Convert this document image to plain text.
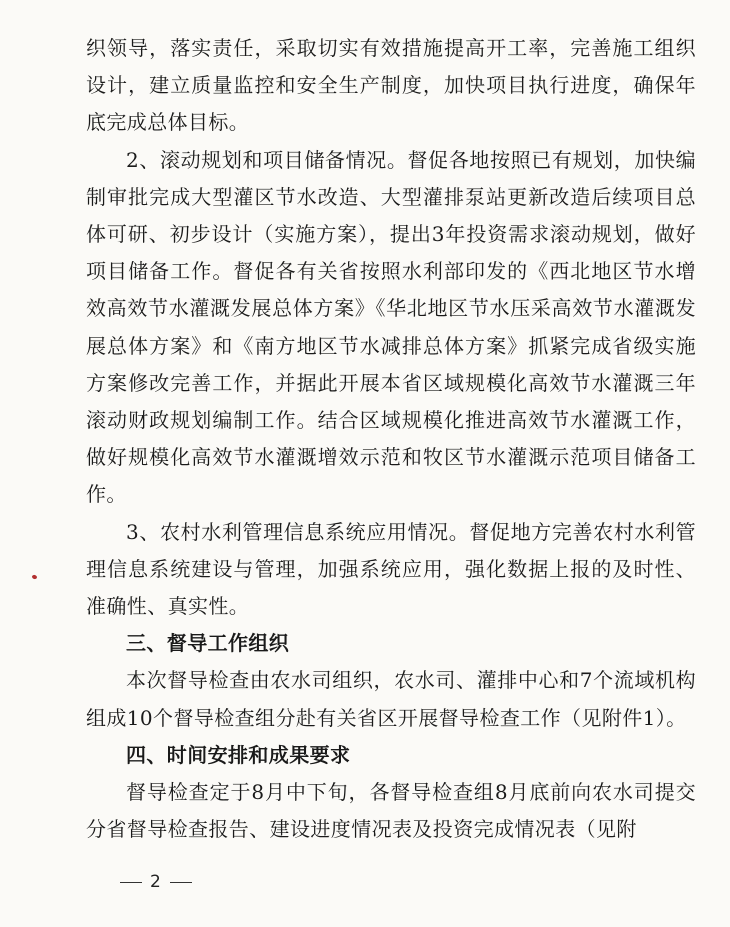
织领导，落实责任，采取切实有效措施提高开工率，完善施工组织设计，建立质量监控和安全生产制度，加快项目执行进度，确保年底完成总体目标。

2、滚动规划和项目储备情况。督促各地按照已有规划，加快编制审批完成大型灌区节水改造、大型灌排泵站更新改造后续项目总体可研、初步设计（实施方案），提出3年投资需求滚动规划，做好项目储备工作。督促各有关省按照水利部印发的《西北地区节水增效高效节水灌溉发展总体方案》《华北地区节水压采高效节水灌溉发展总体方案》和《南方地区节水减排总体方案》抓紧完成省级实施方案修改完善工作，并据此开展本省区域规模化高效节水灌溉三年滚动财政规划编制工作。结合区域规模化推进高效节水灌溉工作，做好规模化高效节水灌溉增效示范和牧区节水灌溉示范项目储备工作。

3、农村水利管理信息系统应用情况。督促地方完善农村水利管理信息系统建设与管理，加强系统应用，强化数据上报的及时性、准确性、真实性。

三、督导工作组织

本次督导检查由农水司组织，农水司、灌排中心和7个流域机构组成10个督导检查组分赴有关省区开展督导检查工作（见附件1）。

四、时间安排和成果要求

督导检查定于8月中下旬，各督导检查组8月底前向农水司提交分省督导检查报告、建设进度情况表及投资完成情况表（见附

2
